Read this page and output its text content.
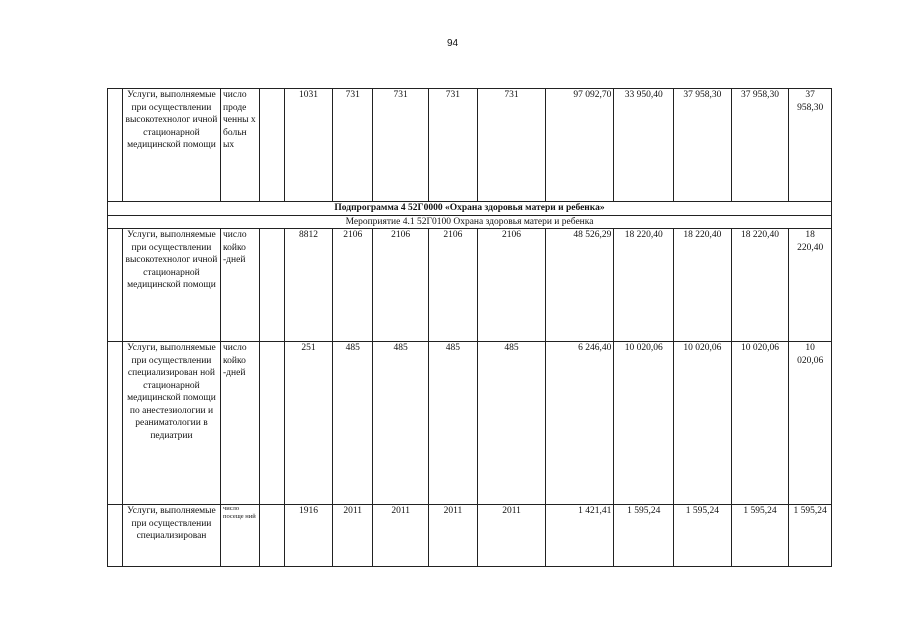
94
	Услуги, выполняемые при осуществлении высокотехнолог ичной стационарной медицинской помощи	число проде ченны х больн ых		1031	731	731	731	731	97 092,70	33 950,40	37 958,30	37 958,30	37 958,30
Подпрограмма 4 52Г0000 «Охрана здоровья матери и ребенка»													
Мероприятие 4.1 52Г0100 Охрана здоровья матери и ребенка													
	Услуги, выполняемые при осуществлении высокотехнолог ичной стационарной медицинской помощи	число койко -дней		8812	2106	2106	2106	2106	48 526,29	18 220,40	18 220,40	18 220,40	18 220,40
	Услуги, выполняемые при осуществлении специализирован ной стационарной медицинской помощи по анестезиологии и реаниматологии в педиатрии	число койко -дней		251	485	485	485	485	6 246,40	10 020,06	10 020,06	10 020,06	10 020,06
	Услуги, выполняемые при осуществлении специализирован	число посеще ний		1916	2011	2011	2011	2011	1 421,41	1 595,24	1 595,24	1 595,24	1 595,24
